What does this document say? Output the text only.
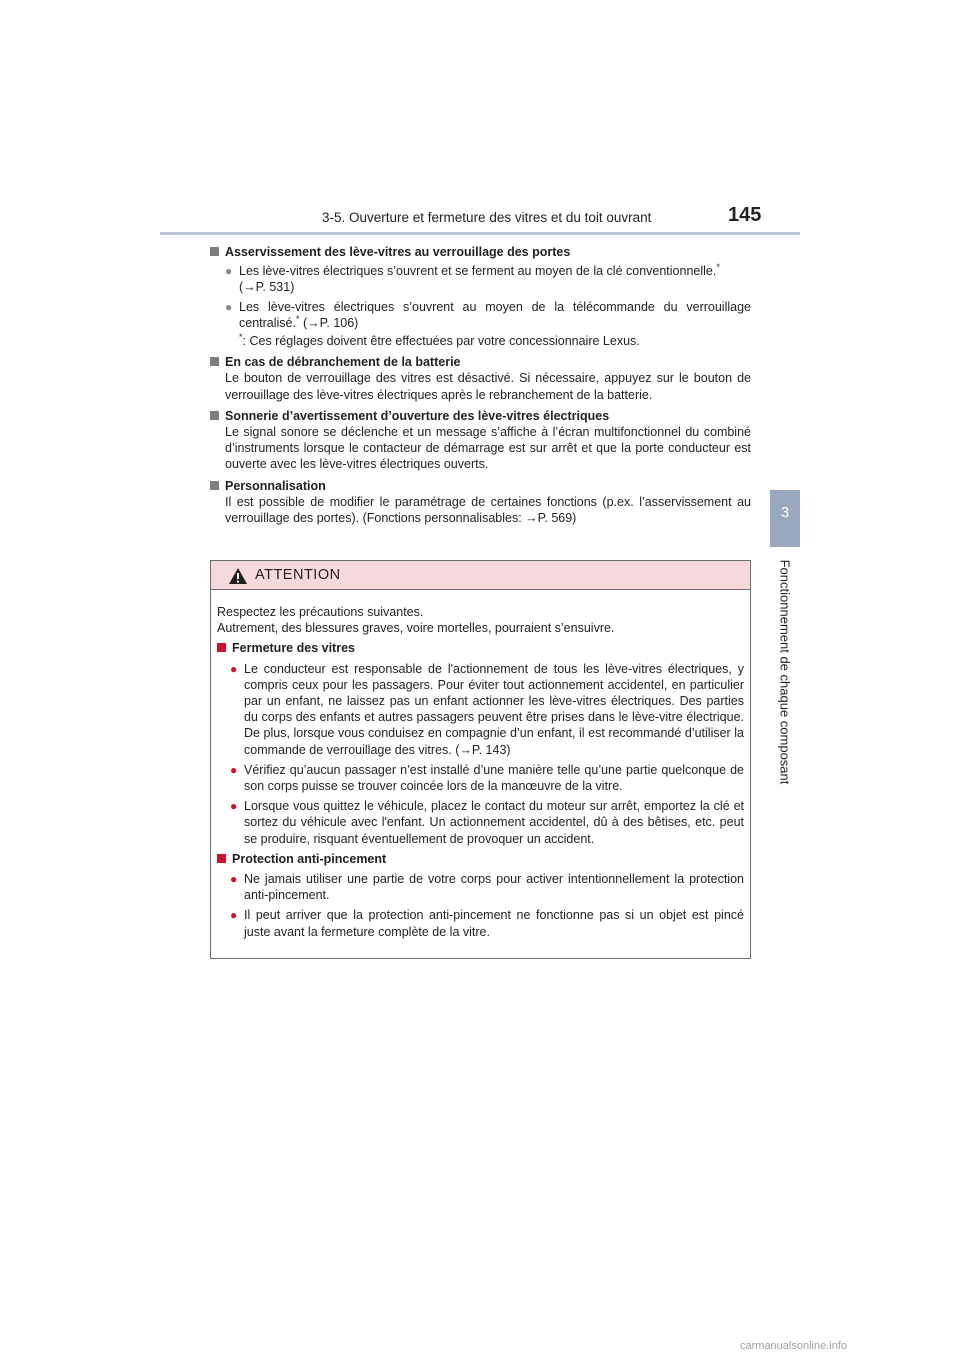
3-5. Ouverture et fermeture des vitres et du toit ouvrant	145
3
Fonctionnement de chaque composant
Asservissement des lève-vitres au verrouillage des portes
● Les lève-vitres électriques s’ouvrent et se ferment au moyen de la clé conventionnelle.*
(→P. 531)
● Les lève-vitres électriques s’ouvrent au moyen de la télécommande du verrouillage centralisé.* (→P. 106)
*: Ces réglages doivent être effectuées par votre concessionnaire Lexus.
En cas de débranchement de la batterie
Le bouton de verrouillage des vitres est désactivé. Si nécessaire, appuyez sur le bouton de verrouillage des lève-vitres électriques après le rebranchement de la batterie.
Sonnerie d’avertissement d’ouverture des lève-vitres électriques
Le signal sonore se déclenche et un message s’affiche à l’écran multifonctionnel du combiné d’instruments lorsque le contacteur de démarrage est sur arrêt et que la porte conducteur est ouverte avec les lève-vitres électriques ouverts.
Personnalisation
Il est possible de modifier le paramétrage de certaines fonctions (p.ex. l’asservissement au verrouillage des portes). (Fonctions personnalisables: →P. 569)
ATTENTION

Respectez les précautions suivantes.

Autrement, des blessures graves, voire mortelles, pourraient s’ensuivre.

Fermeture des vitres
● Le conducteur est responsable de l'actionnement de tous les lève-vitres électriques, y compris ceux pour les passagers. Pour éviter tout actionnement accidentel, en particulier par un enfant, ne laissez pas un enfant actionner les lève-vitres électriques. Des parties du corps des enfants et autres passagers peuvent être prises dans le lève-vitre électrique. De plus, lorsque vous conduisez en compagnie d’un enfant, il est recommandé d’utiliser la commande de verrouillage des vitres. (→P. 143)
● Vérifiez qu’aucun passager n’est installé d’une manière telle qu’une partie quelconque de son corps puisse se trouver coincée lors de la manœuvre de la vitre.
● Lorsque vous quittez le véhicule, placez le contact du moteur sur arrêt, emportez la clé et sortez du véhicule avec l'enfant. Un actionnement accidentel, dû à des bêtises, etc. peut se produire, risquant éventuellement de provoquer un accident.
Protection anti-pincement
● Ne jamais utiliser une partie de votre corps pour activer intentionnellement la protection anti-pincement.
● Il peut arriver que la protection anti-pincement ne fonctionne pas si un objet est pincé juste avant la fermeture complète de la vitre.
carmanualsonline.info
